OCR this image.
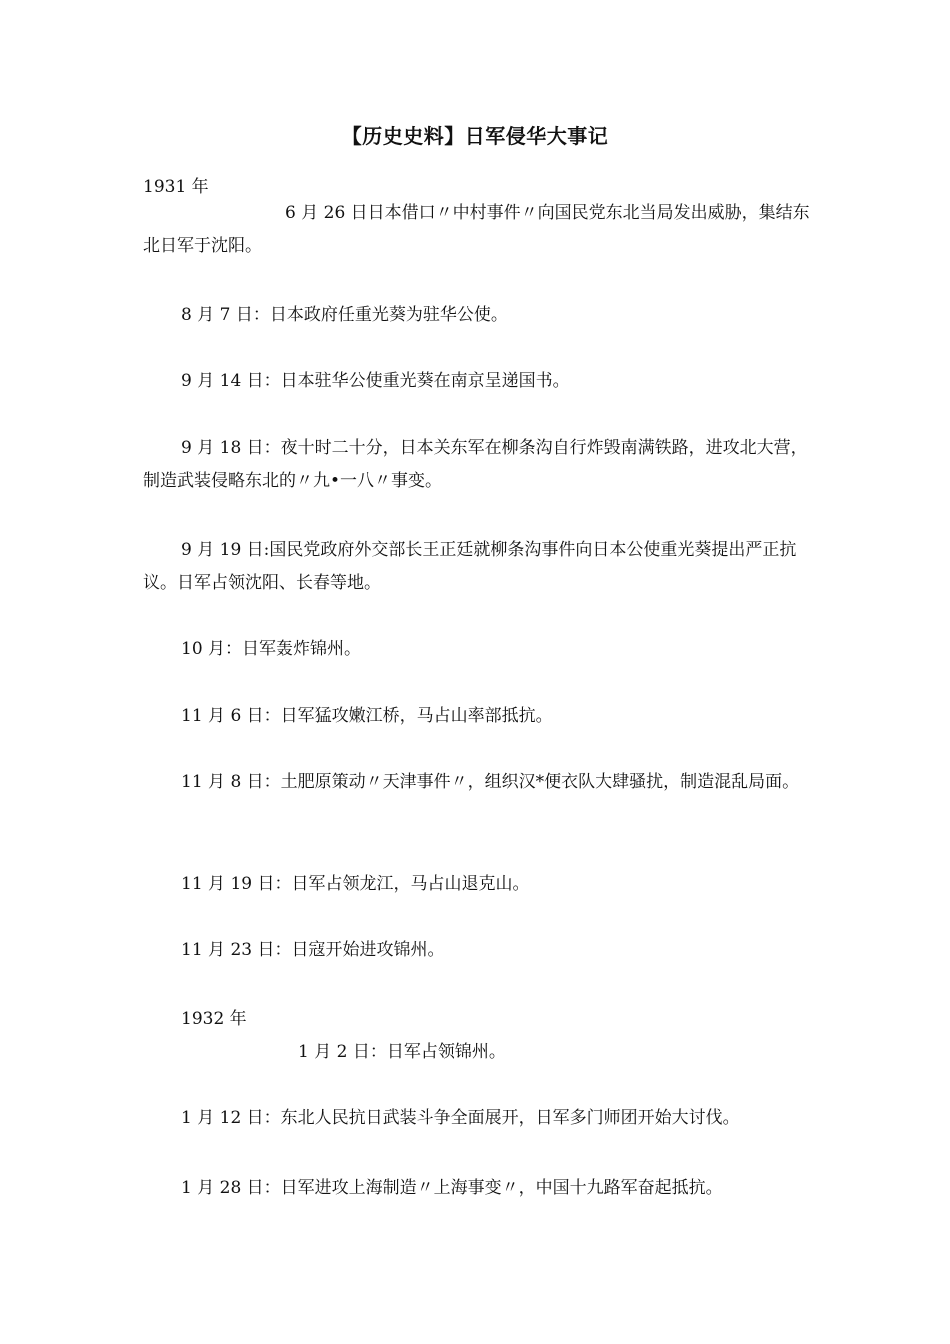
【历史史料】日军侵华大事记
1931 年
6 月 26 日日本借口〃中村事件〃向国民党东北当局发出威胁，集结东北日军于沈阳。
8 月 7 日：日本政府任重光葵为驻华公使。
9 月 14 日：日本驻华公使重光葵在南京呈递国书。
9 月 18 日：夜十时二十分，日本关东军在柳条沟自行炸毁南满铁路，进攻北大营，制造武装侵略东北的〃九•一八〃事变。
9 月 19 日:国民党政府外交部长王正廷就柳条沟事件向日本公使重光葵提出严正抗议。日军占领沈阳、长春等地。
10 月：日军轰炸锦州。
11 月 6 日：日军猛攻嫩江桥，马占山率部抵抗。
11 月 8 日：土肥原策动〃天津事件〃，组织汉*便衣队大肆骚扰，制造混乱局面。
11 月 19 日：日军占领龙江，马占山退克山。
11 月 23 日：日寇开始进攻锦州。
1932 年
1 月 2 日：日军占领锦州。
1 月 12 日：东北人民抗日武装斗争全面展开，日军多门师团开始大讨伐。
1 月 28 日：日军进攻上海制造〃上海事变〃，中国十九路军奋起抵抗。
